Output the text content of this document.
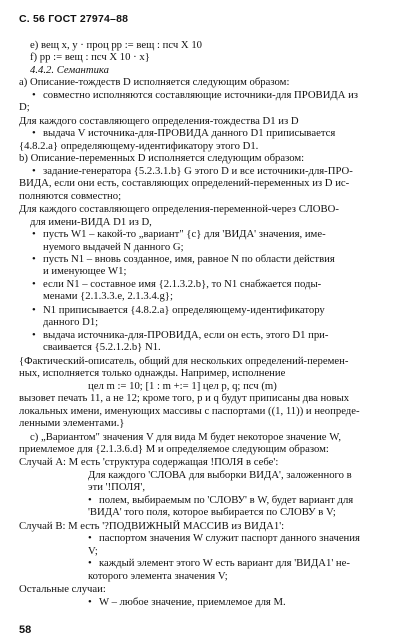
С. 56 ГОСТ 27974–88
e) вещ x, y · проц pp := вещ : псч X 10
f) pp := вещ : псч X 10 · x}
4.4.2. Семантика
а) Описание-тождеств D исполняется следующим образом:
• совместно исполняются составляющие источники-для ПРОВИДА из
D;
Для каждого составляющего определения-тождества D1 из D
• выдача V источника-для-ПРОВИДА данного D1 приписывается
{4.8.2.a} определяющему-идентификатору этого D1.
b) Описание-переменных D исполняется следующим образом:
• задание-генератора {5.2.3.1.b} G этого D и все источники-для-ПРО-
ВИДА, если они есть, составляющих определений-переменных из D ис-
полняются совместно;
Для каждого составляющего определения-переменной-через СЛОВО-
для имени-ВИДА D1 из D,
• пусть W1 – какой-то „вариант" {c} для 'ВИДА' значения, име-
нуемого выдачей N данного G;
• пусть N1 – вновь созданное, имя, равное N по области действия
и именующее W1;
• если N1 – составное имя {2.1.3.2.b}, то N1 снабжается поды-
менами {2.1.3.3.e, 2.1.3.4.g};
• N1 приписывается {4.8.2.a} определяющему-идентификатору
данного D1;
• выдача источника-для-ПРОВИДА, если он есть, этого D1 при-
сваивается {5.2.1.2.b} N1.
{Фактический-описатель, общий для нескольких определений-перемен-
ных, исполняется только однажды. Например, исполнение
цел m := 10; [1 : m +:= 1] цел p, q; псч (m)
вызовет печать 11, а не 12; кроме того, p и q будут приписаны два новых
локальных имени, именующих массивы с паспортами ((1, 11)) и неопреде-
ленными элементами.}
c) „Вариантом" значения V для вида M будет некоторое значение W,
приемлемое для {2.1.3.6.d} M и определяемое следующим образом:
Случай A: M есть 'структура содержащая !ПОЛЯ в себе':
Для каждого 'СЛОВА для выборки ВИДА', заложенного в
эти '!ПОЛЯ',
• полем, выбираемым по 'СЛОВУ' в W, будет вариант для
'ВИДА' того поля, которое выбирается по СЛОВУ в V;
Случай B: M есть '?ПОДВИЖНЫЙ МАССИВ из ВИДА1':
• паспортом значения W служит паспорт данного значения
V;
• каждый элемент этого W есть вариант для 'ВИДА1' не-
которого элемента значения V;
Остальные случаи:
• W – любое значение, приемлемое для M.
58
